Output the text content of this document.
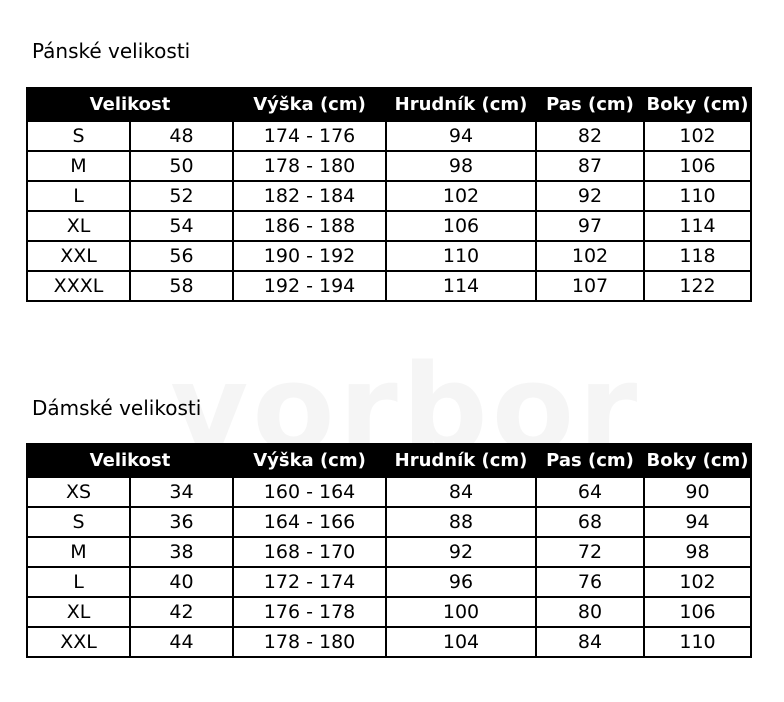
Pánské velikosti
Velikost		Výška (cm)	Hrudník (cm)	Pas (cm)	Boky (cm)
S	48	174 - 176	94	82	102
M	50	178 - 180	98	87	106
L	52	182 - 184	102	92	110
XL	54	186 - 188	106	97	114
XXL	56	190 - 192	110	102	118
XXXL	58	192 - 194	114	107	122
Dámské velikosti
Velikost		Výška (cm)	Hrudník (cm)	Pas (cm)	Boky (cm)
XS	34	160 - 164	84	64	90
S	36	164 - 166	88	68	94
M	38	168 - 170	92	72	98
L	40	172 - 174	96	76	102
XL	42	176 - 178	100	80	106
XXL	44	178 - 180	104	84	110
